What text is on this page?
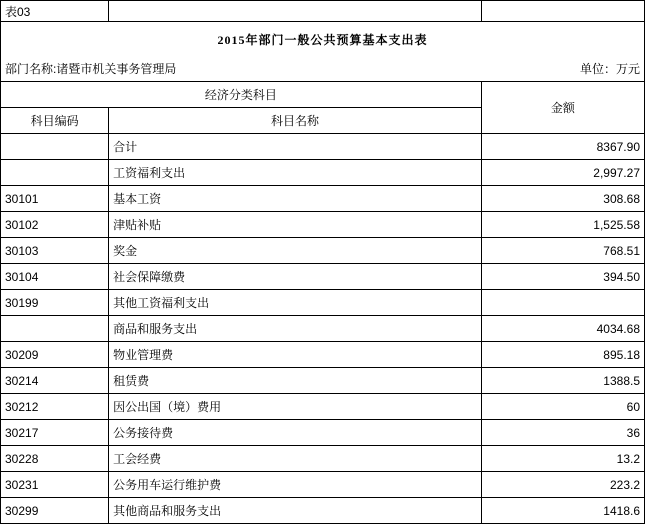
表03		
2015年部门一般公共预算基本支出表		
部门名称:诸暨市机关事务管理局		单位：万元
经济分类科目		金额
科目编码	科目名称	
	合计	8367.90
	工资福利支出	2,997.27
30101	基本工资	308.68
30102	津贴补贴	1,525.58
30103	奖金	768.51
30104	社会保障缴费	394.50
30199	其他工资福利支出	
	商品和服务支出	4034.68
30209	物业管理费	895.18
30214	租赁费	1388.5
30212	因公出国（境）费用	60
30217	公务接待费	36
30228	工会经费	13.2
30231	公务用车运行维护费	223.2
30299	其他商品和服务支出	1418.6
